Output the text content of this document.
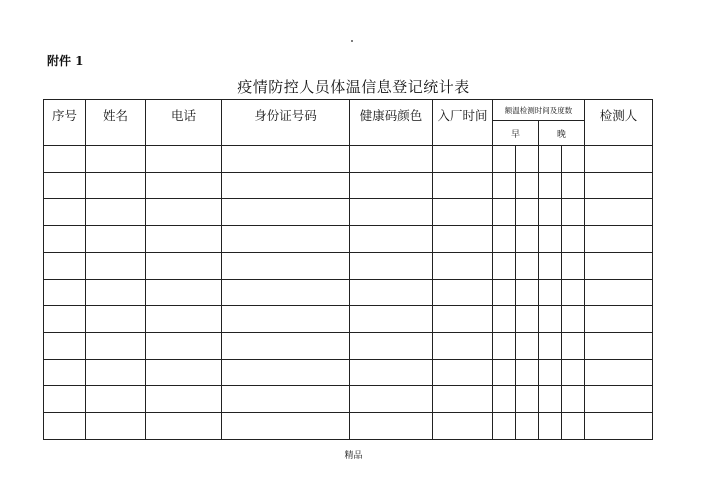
附件 1
疫情防控人员体温信息登记统计表
序号	姓名	电话	身份证号码	健康码颜色	入厂时间	额温检测时间及度数				检测人
						早		晚		

精品
